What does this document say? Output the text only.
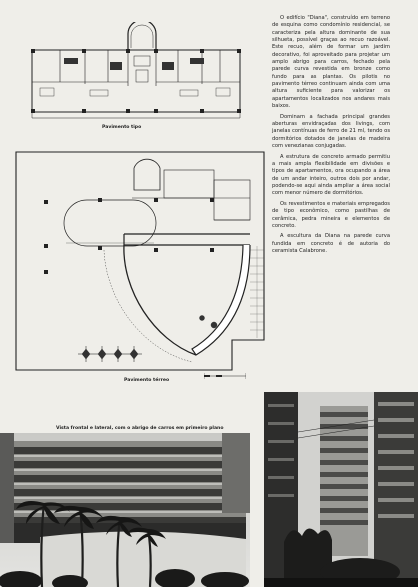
Pavimento tipo
Pavimento térreo

O edifício "Diana", construído em terreno de esquina como condomínio residencial, se caracteriza pela altura dominante de sua silhueta, possível graças ao recuo razoável. Este recuo, além de formar um jardim decorativo, foi aproveitado para projetar um amplo abrigo para carros, fechado pela parede curva revestida em bronze como fundo para as plantas. Os pilotis no pavimento térreo continuam ainda com uma altura suficiente para valorizar os apartamentos localizados nos andares mais baixos.

Dominam a fachada principal grandes aberturas envidraçadas dos livings, com janelas contínuas de ferro de 21 ml, tendo os dormitórios dotados de janelas de madeira com venezianas conjugadas.

A estrutura de concreto armado permitiu a mais ampla flexibilidade em divisões e tipos de apartamentos, ora ocupando a área de um andar inteiro, outros dois por andar, podendo-se aqui ainda ampliar a área social com menor número de dormitórios.

Os revestimentos e materiais empregados de tipo econômico, como pastilhas de cerâmica, pedra mineira e elementos de concreto.

A escultura da Diana na parede curva fundida em concreto é de autoria do ceramista Calabrone.

Vista frontal e lateral, com o abrigo de carros em primeiro plano
